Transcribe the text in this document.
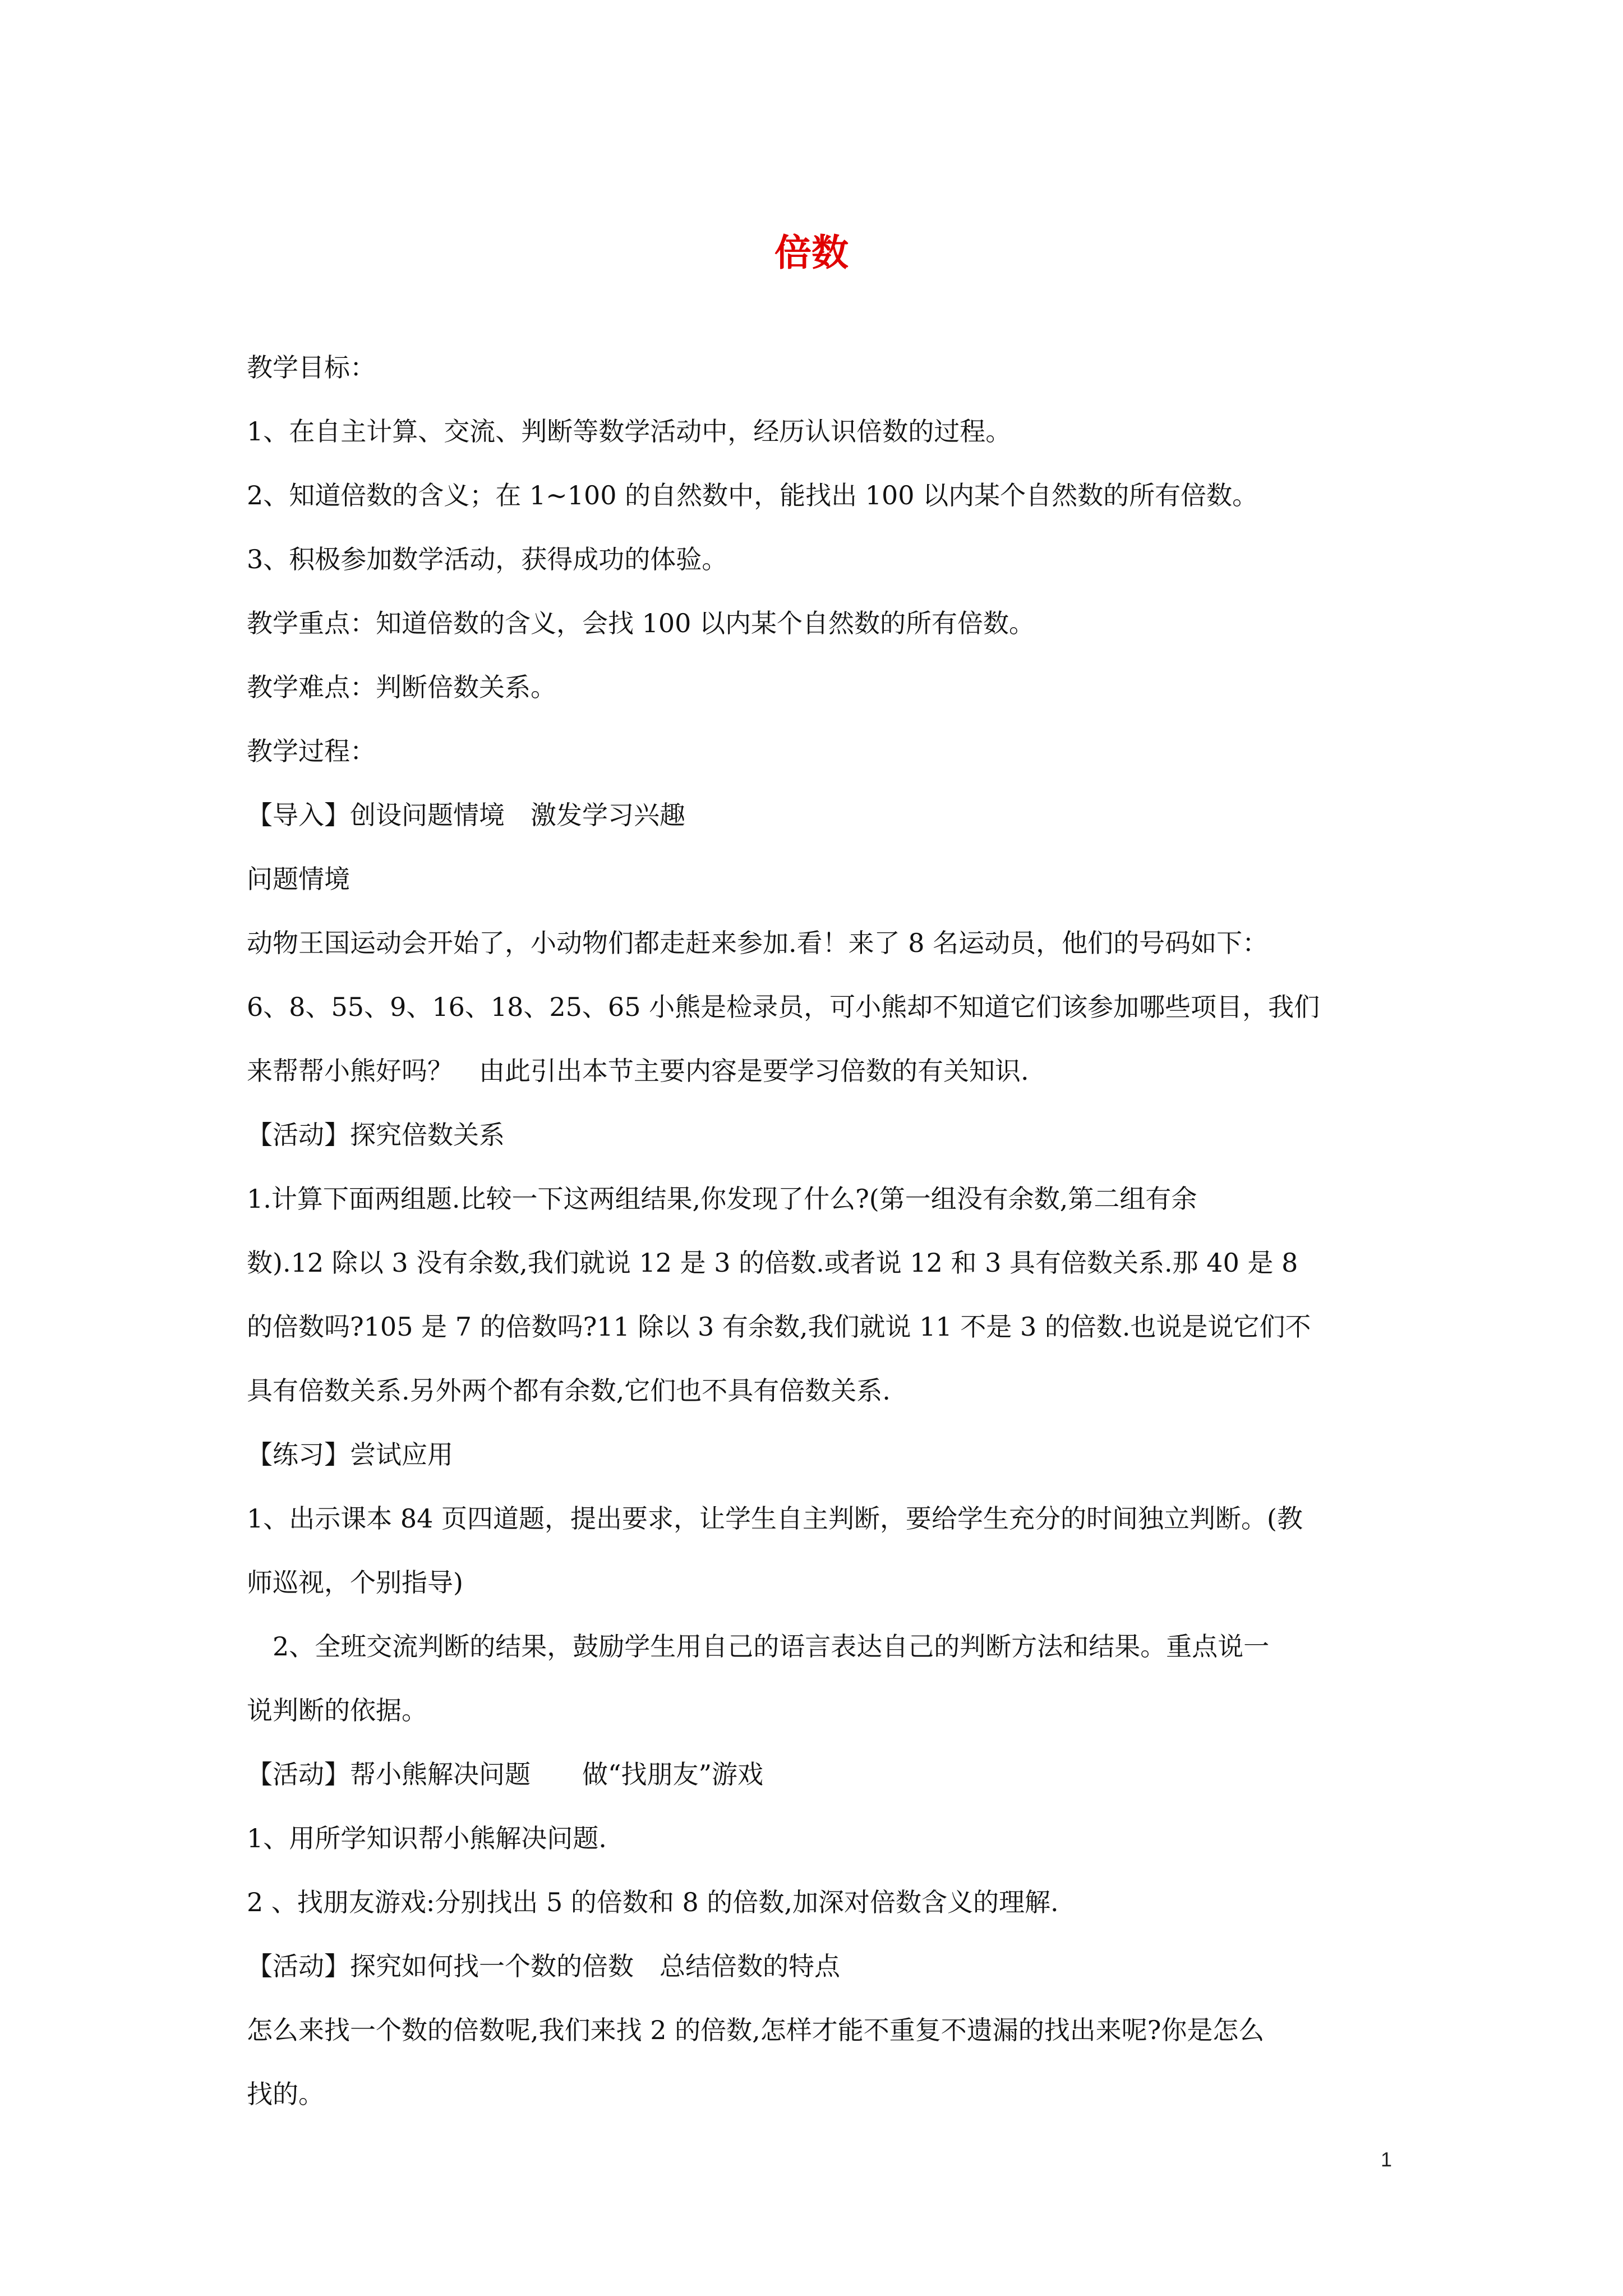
倍数

教学目标：

1、在自主计算、交流、判断等数学活动中，经历认识倍数的过程。

2、知道倍数的含义；在 1~100 的自然数中，能找出 100 以内某个自然数的所有倍数。

3、积极参加数学活动，获得成功的体验。

教学重点：知道倍数的含义，会找 100 以内某个自然数的所有倍数。

教学难点：判断倍数关系。

教学过程：

【导入】创设问题情境　激发学习兴趣

问题情境

动物王国运动会开始了，小动物们都走赶来参加.看！来了 8 名运动员，他们的号码如下：

6、8、55、9、16、18、25、65 小熊是检录员，可小熊却不知道它们该参加哪些项目，我们

来帮帮小熊好吗？　由此引出本节主要内容是要学习倍数的有关知识.

【活动】探究倍数关系

1.计算下面两组题.比较一下这两组结果,你发现了什么?(第一组没有余数,第二组有余

数).12 除以 3 没有余数,我们就说 12 是 3 的倍数.或者说 12 和 3 具有倍数关系.那 40 是 8

的倍数吗?105 是 7 的倍数吗?11 除以 3 有余数,我们就说 11 不是 3 的倍数.也说是说它们不

具有倍数关系.另外两个都有余数,它们也不具有倍数关系.

【练习】尝试应用

1、出示课本 84 页四道题，提出要求，让学生自主判断，要给学生充分的时间独立判断。(教

师巡视，个别指导)

2、全班交流判断的结果，鼓励学生用自己的语言表达自己的判断方法和结果。重点说一

说判断的依据。

【活动】帮小熊解决问题　　做“找朋友”游戏

1、用所学知识帮小熊解决问题.

2 、找朋友游戏:分别找出 5 的倍数和 8 的倍数,加深对倍数含义的理解.

【活动】探究如何找一个数的倍数　总结倍数的特点

怎么来找一个数的倍数呢,我们来找 2 的倍数,怎样才能不重复不遗漏的找出来呢?你是怎么

找的。

1
